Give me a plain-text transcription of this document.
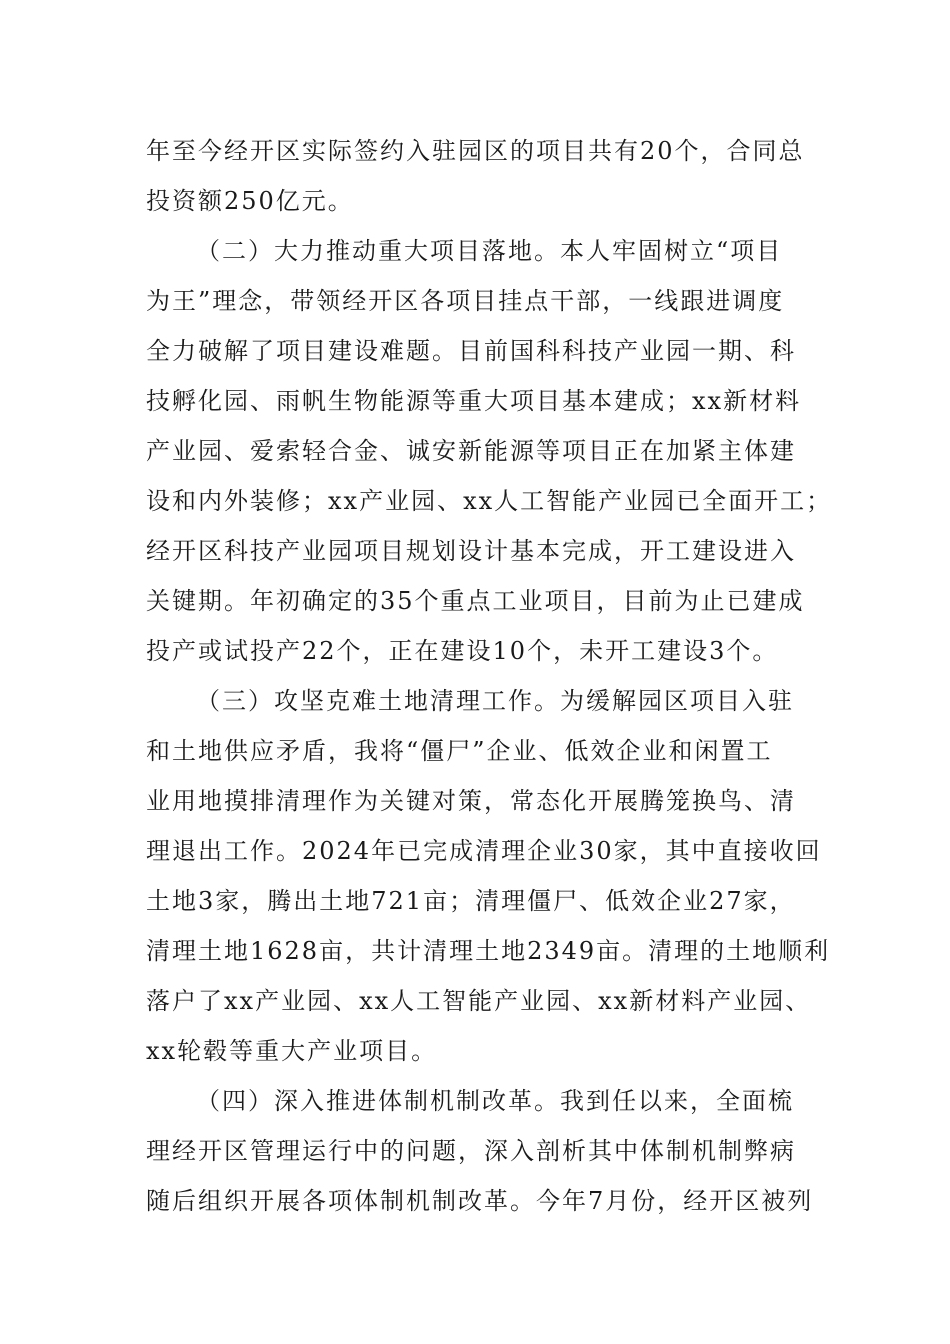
年至今经开区实际签约入驻园区的项目共有20个，合同总
投资额250亿元。
（二）大力推动重大项目落地。本人牢固树立“项目
为王”理念，带领经开区各项目挂点干部，一线跟进调度
全力破解了项目建设难题。目前国科科技产业园一期、科
技孵化园、雨帆生物能源等重大项目基本建成；xx新材料
产业园、爱索轻合金、诚安新能源等项目正在加紧主体建
设和内外装修；xx产业园、xx人工智能产业园已全面开工；
经开区科技产业园项目规划设计基本完成，开工建设进入
关键期。年初确定的35个重点工业项目，目前为止已建成
投产或试投产22个，正在建设10个，未开工建设3个。
（三）攻坚克难土地清理工作。为缓解园区项目入驻
和土地供应矛盾，我将“僵尸”企业、低效企业和闲置工
业用地摸排清理作为关键对策，常态化开展腾笼换鸟、清
理退出工作。2024年已完成清理企业30家，其中直接收回
土地3家，腾出土地721亩；清理僵尸、低效企业27家，
清理土地1628亩，共计清理土地2349亩。清理的土地顺利
落户了xx产业园、xx人工智能产业园、xx新材料产业园、
xx轮毂等重大产业项目。
（四）深入推进体制机制改革。我到任以来，全面梳
理经开区管理运行中的问题，深入剖析其中体制机制弊病
随后组织开展各项体制机制改革。今年7月份，经开区被列
